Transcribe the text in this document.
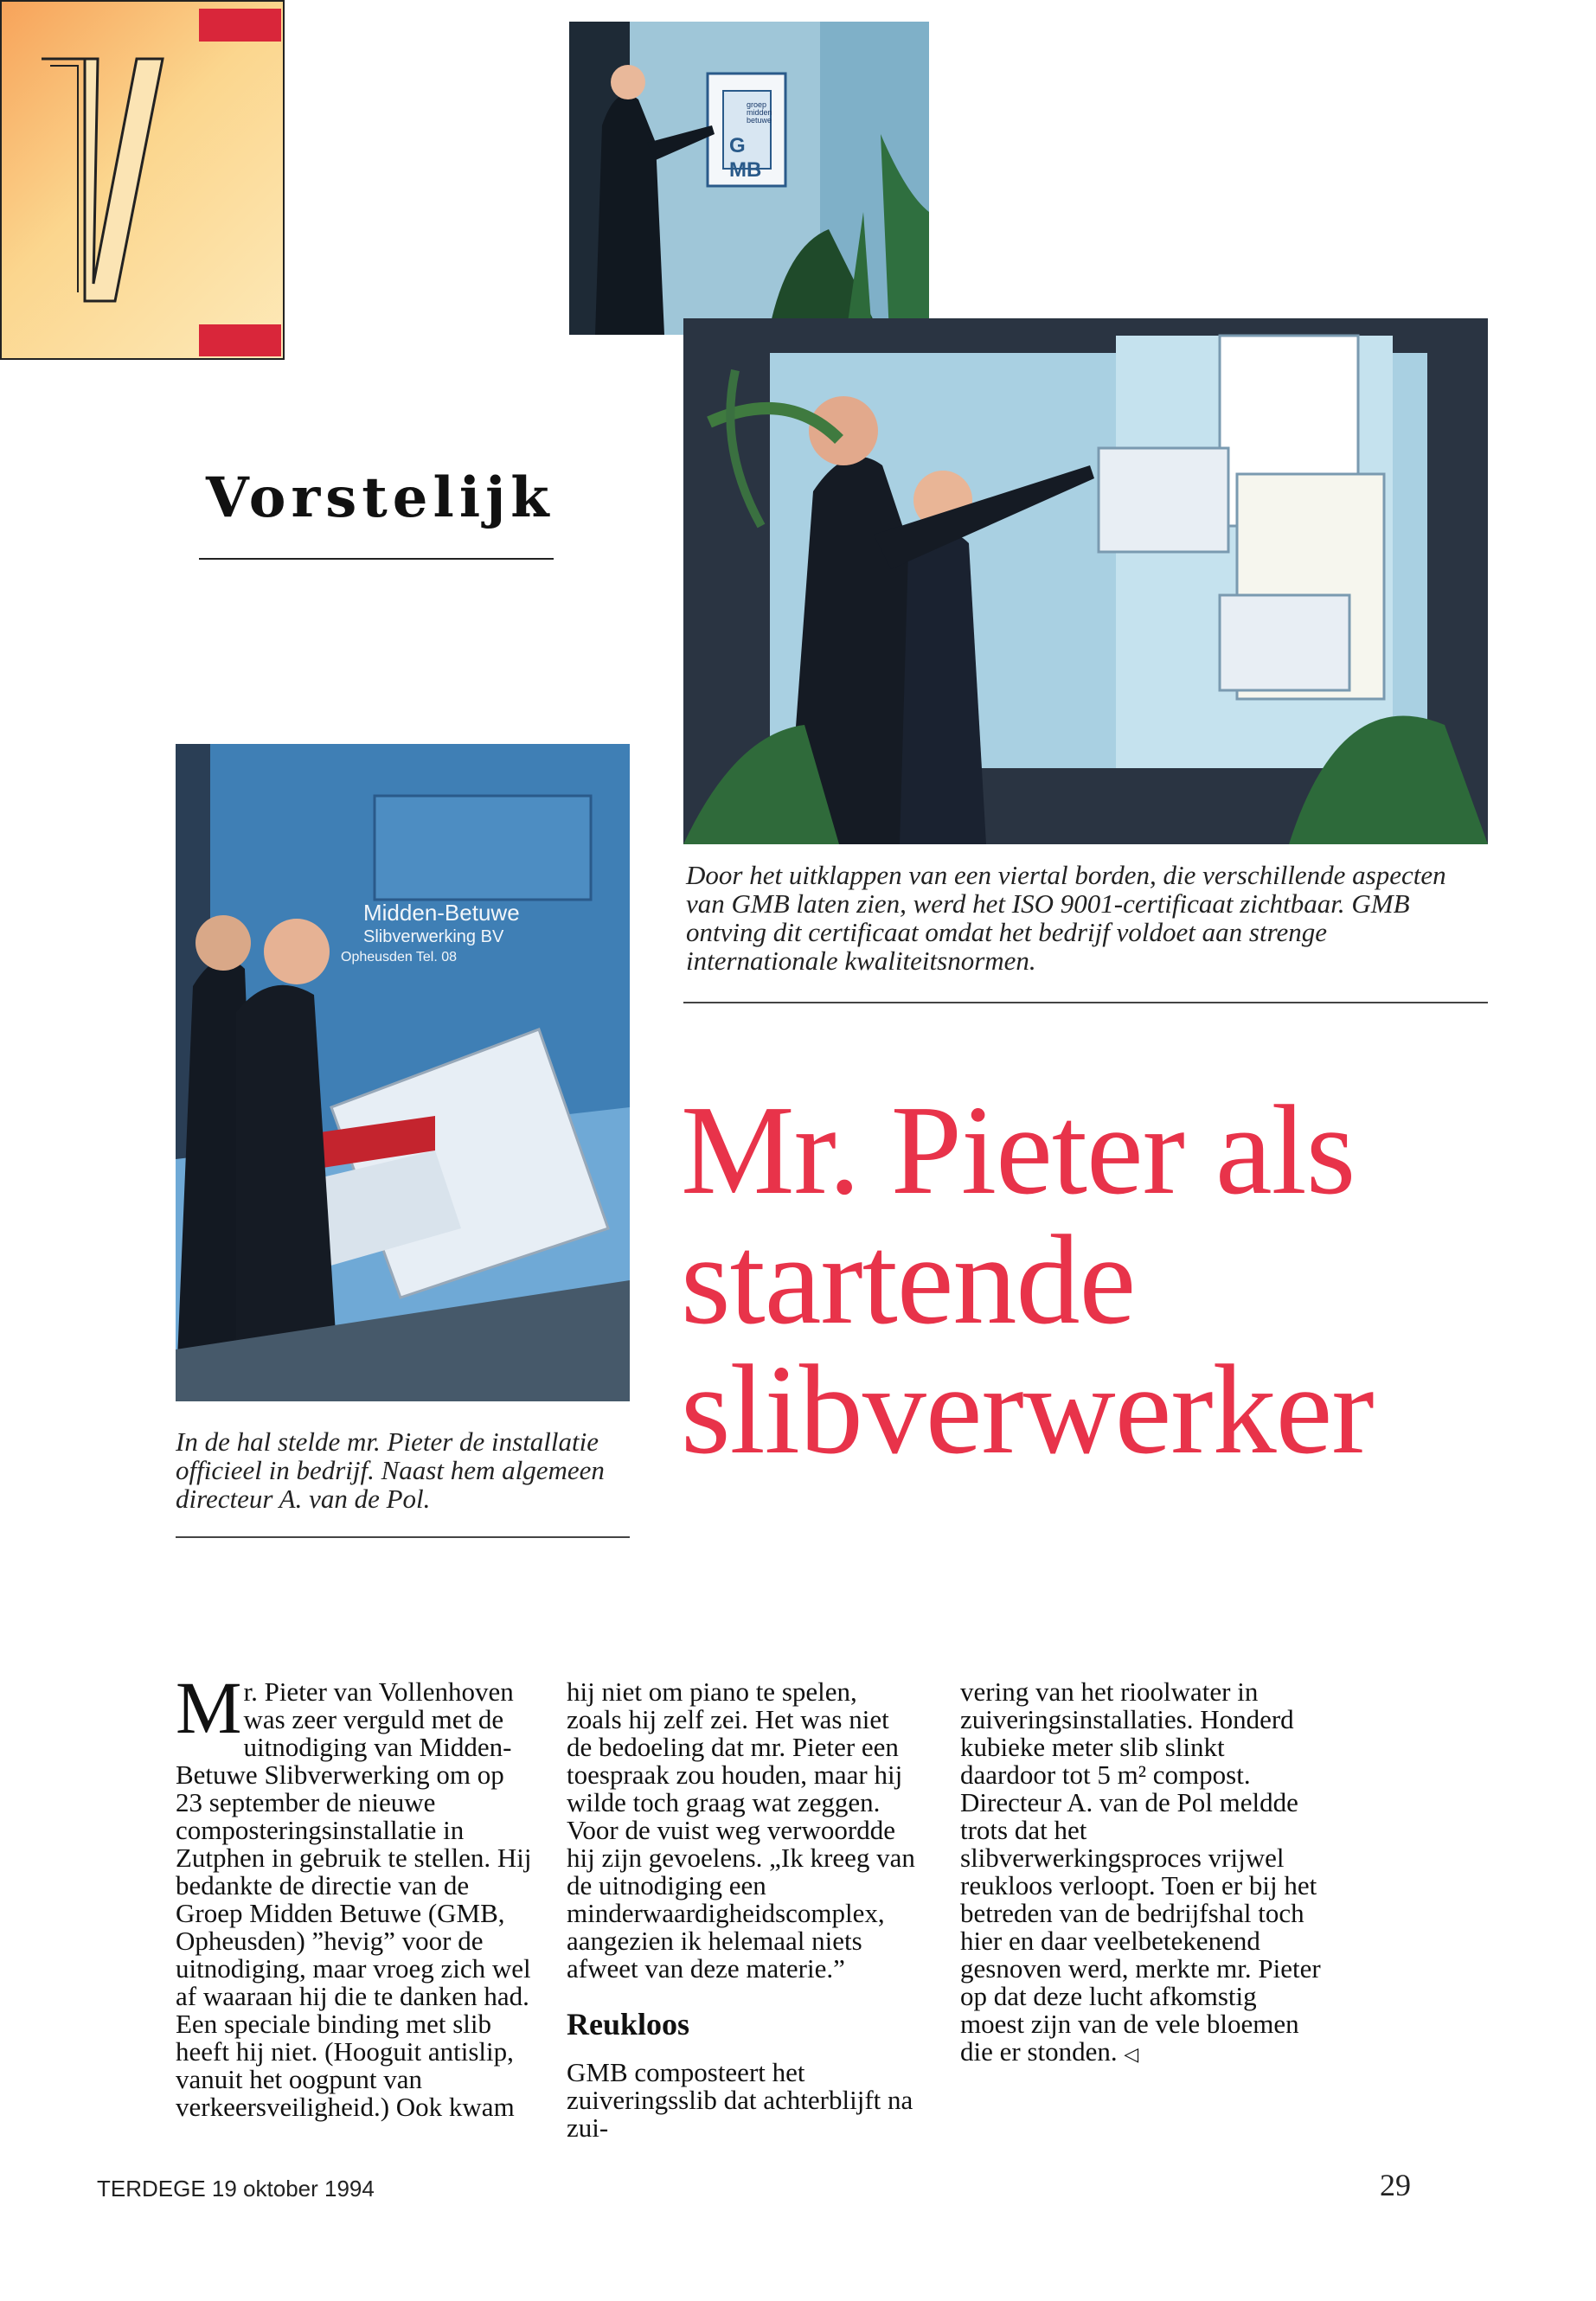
groep midden betuwe
G MB
Vorstelijk
Midden-Betuwe
Slibverwerking BV
Opheusden Tel. 08
Door het uitklappen van een viertal borden, die verschillende aspecten van GMB laten zien, werd het ISO 9001-certificaat zichtbaar. GMB ontving dit certificaat omdat het bedrijf voldoet aan strenge internationale kwaliteitsnormen.
In de hal stelde mr. Pieter de installatie officieel in bedrijf. Naast hem algemeen directeur A. van de Pol.
Mr. Pieter als
startende
slibverwerker

Mr. Pieter van Vollenhoven was zeer verguld met de uitnodiging van Midden-Betuwe Slibverwerking om op 23 september de nieuwe composteringsinstallatie in Zutphen in gebruik te stellen. Hij bedankte de directie van de Groep Midden Betuwe (GMB, Opheusden) ”hevig” voor de uitnodiging, maar vroeg zich wel af waaraan hij die te danken had. Een speciale binding met slib heeft hij niet. (Hooguit antislip, vanuit het oogpunt van verkeersveiligheid.) Ook kwam

hij niet om piano te spelen, zoals hij zelf zei. Het was niet de bedoeling dat mr. Pieter een toespraak zou houden, maar hij wilde toch graag wat zeggen. Voor de vuist weg verwoordde hij zijn gevoelens. „Ik kreeg van de uitnodiging een minderwaardigheidscomplex, aangezien ik helemaal niets afweet van deze materie.”

Reukloos

GMB composteert het zuiveringsslib dat achterblijft na zui-

vering van het rioolwater in zuiveringsinstallaties. Honderd kubieke meter slib slinkt daardoor tot 5 m² compost. Directeur A. van de Pol meldde trots dat het slibverwerkingsproces vrijwel reukloos verloopt. Toen er bij het betreden van de bedrijfshal toch hier en daar veelbetekenend gesnoven werd, merkte mr. Pieter op dat deze lucht afkomstig moest zijn van de vele bloemen die er stonden. ◁

TERDEGE 19 oktober 1994	29
